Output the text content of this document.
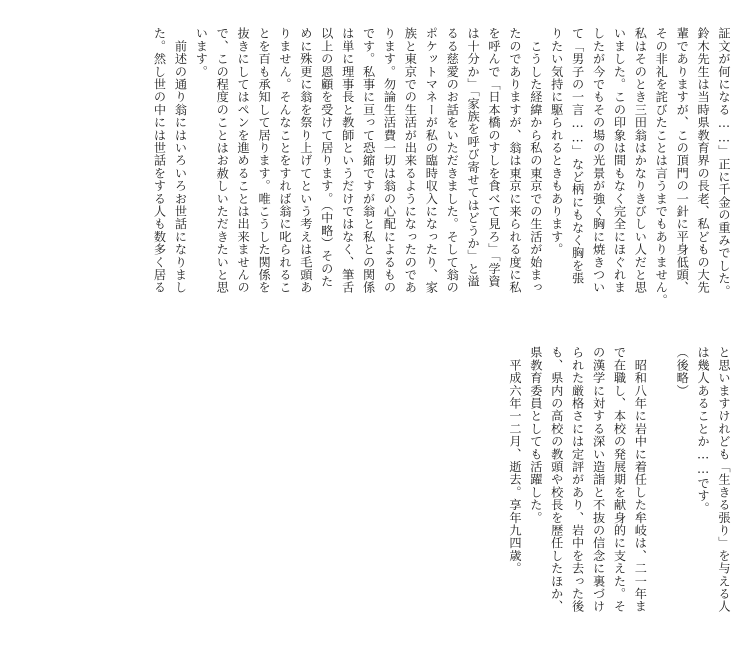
証文が何になる……」正に千金の重みでした。

鈴木先生は当時県教育界の長老、私どもの大先

輩でありますが、この頂門の一針に平身低頭、

その非礼を詫びたことは言うまでもありません。

私はそのとき三田翁はかなりきびしい人だと思

いました。この印象は間もなく完全にほぐれま

したが今でもその場の光景が強く胸に焼きつい

て「男子の一言……」など柄にもなく胸を張

りたい気持に駆られるときもあります。

　こうした経緯から私の東京での生活が始まっ

たのでありますが、翁は東京に来られる度に私

を呼んで「日本橋のすしを食べて見ろ」「学資

は十分か」「家族を呼び寄せてはどうか」と溢

るる慈愛のお話をいただきました。そして翁の

ポケットマネーが私の臨時収入になったり、家

族と東京での生活が出来るようになったのであ

ります。勿論生活費一切は翁の心配によるもの

です。私事に亘って恐縮ですが翁と私との関係

は単に理事長と教師というだけではなく、筆舌

以上の恩顧を受けて居ります。（中略）そのた

めに殊更に翁を祭り上げてという考えは毛頭あ

りません。そんなことをすれば翁に叱られるこ

とを百も承知して居ります。唯こうした関係を

抜きにしてはペンを進めることは出来ませんの

で、この程度のことはお赦しいただきたいと思

います。

　前述の通り翁にはいろいろお世話になりまし

た。然し世の中には世話をする人も数多く居る

と思いますけれども「生きる張り」を与える人

は幾人あることか……です。

（後略）

　昭和八年に岩中に着任した牟岐は、二一年ま

で在職し、本校の発展期を献身的に支えた。そ

の漢学に対する深い造詣と不抜の信念に裏づけ

られた厳格さには定評があり、岩中を去った後

も、県内の高校の教頭や校長を歴任したほか、

県教育委員としても活躍した。

　平成六年一二月、逝去。享年九四歳。
